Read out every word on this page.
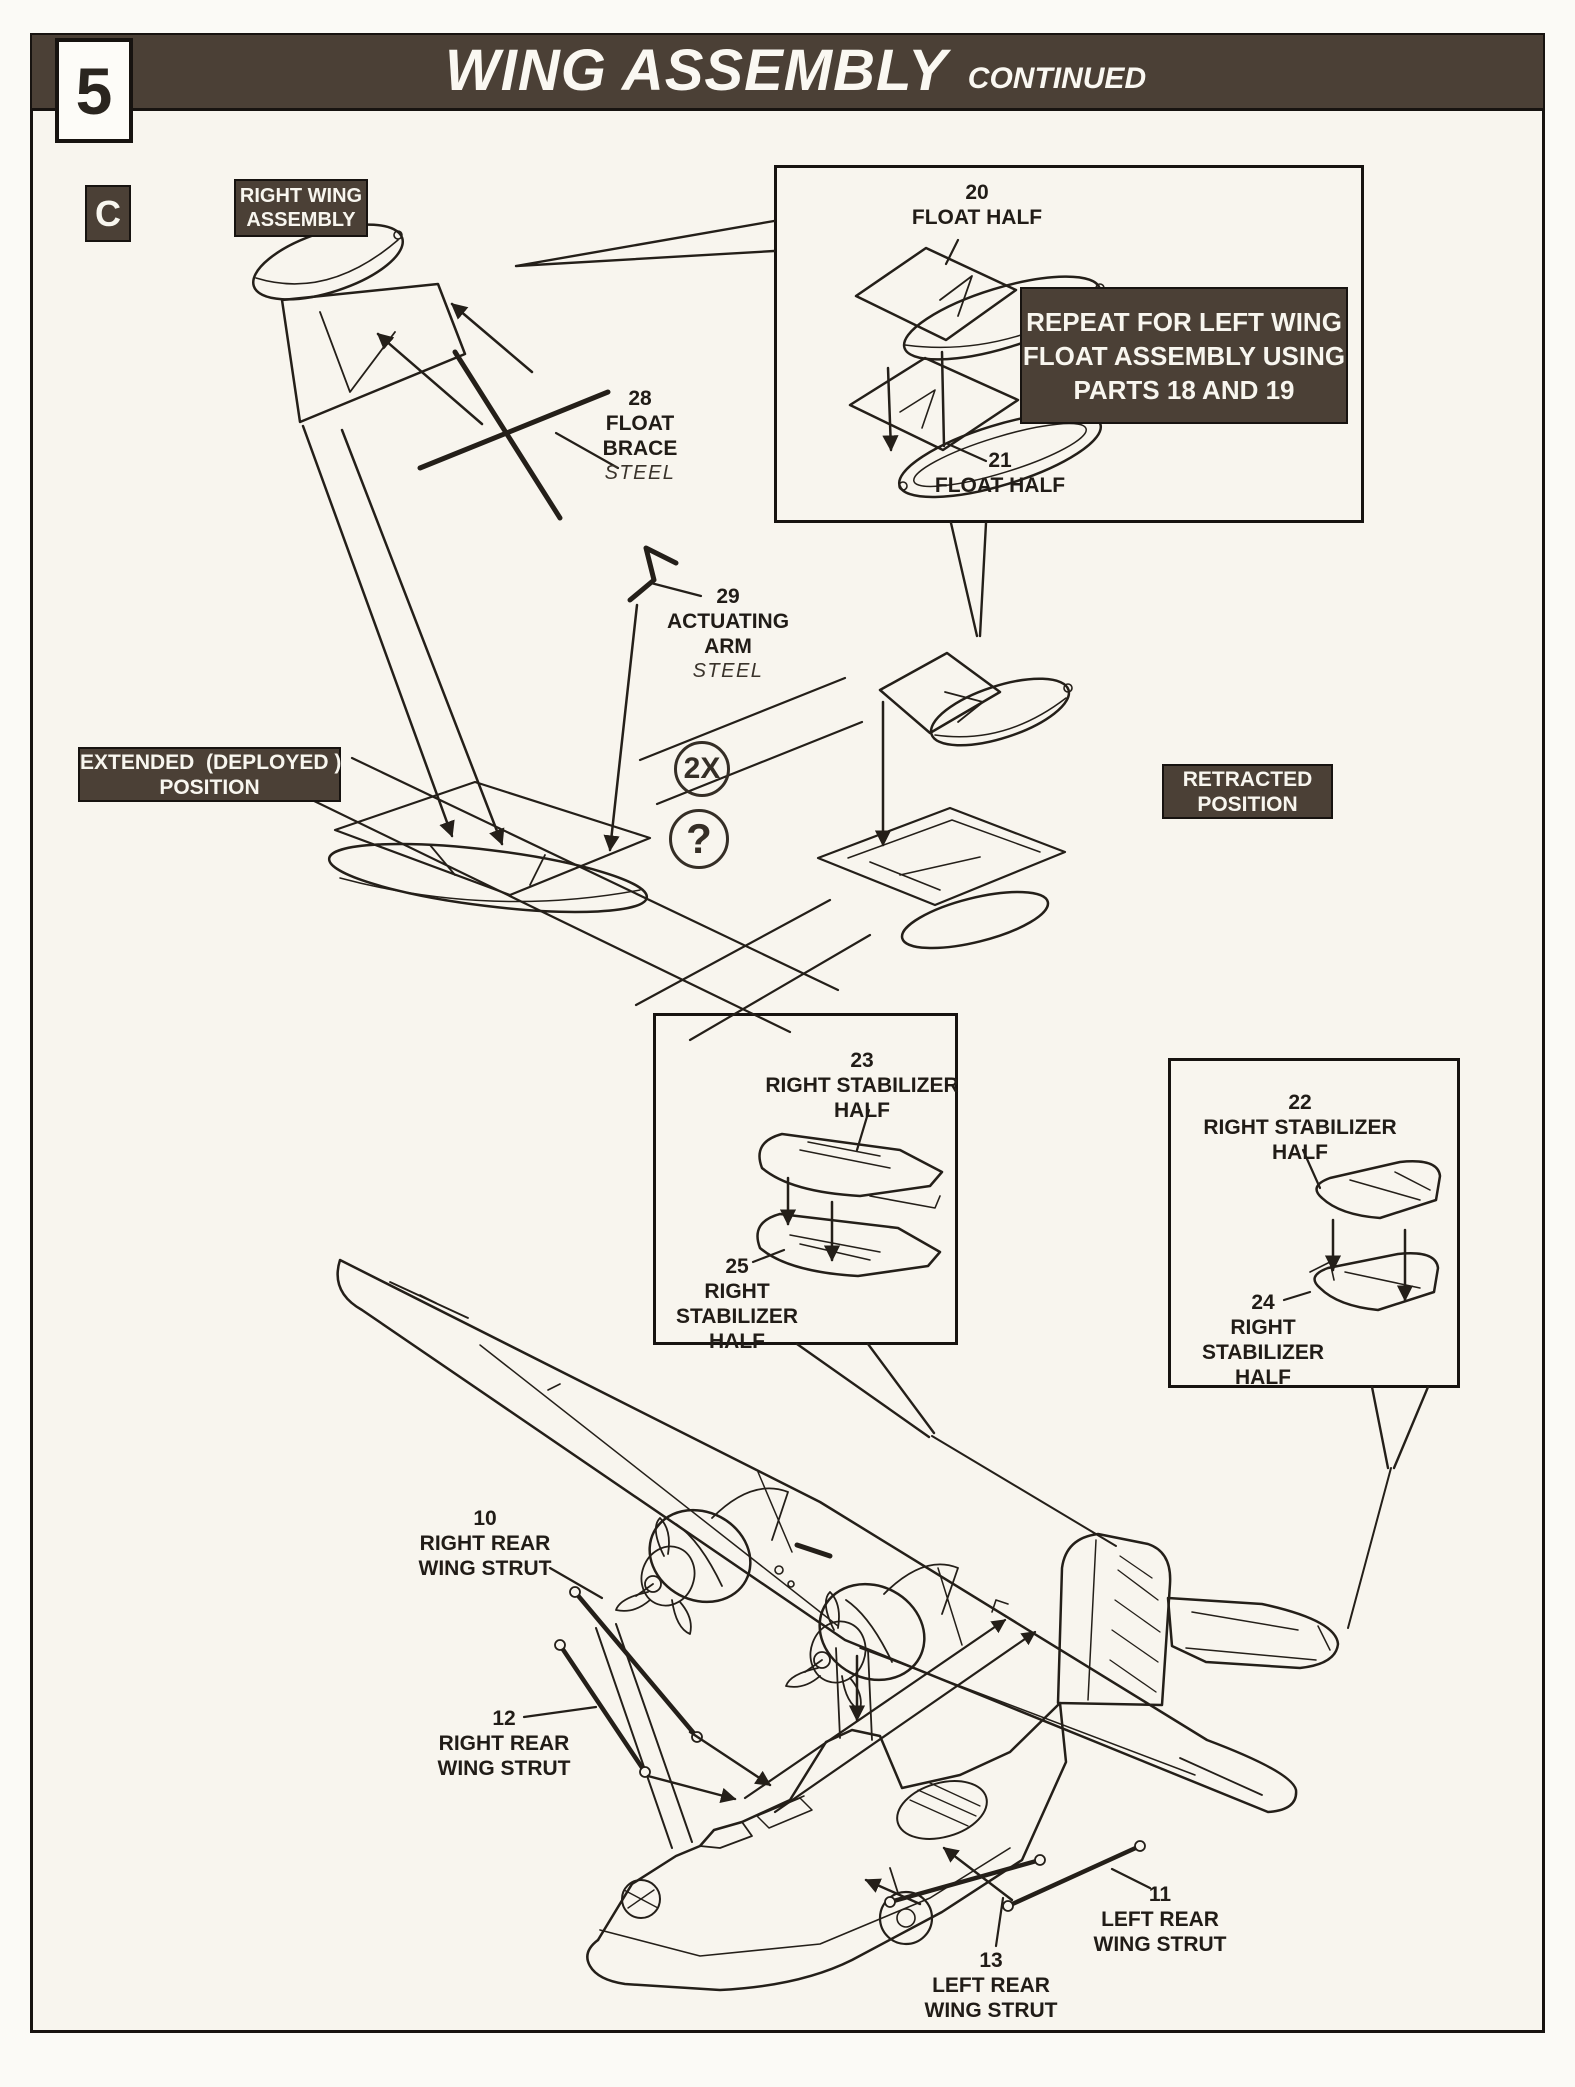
WING ASSEMBLY CONTINUED
5
C	RIGHT WING
ASSEMBLY
EXTENDED  (DEPLOYED )
POSITION	RETRACTED
POSITION
REPEAT FOR LEFT WING
FLOAT ASSEMBLY USING
PARTS 18 AND 19
2X
?
20
FLOAT HALF
21
FLOAT HALF
28
FLOAT
BRACE
STEEL
29
ACTUATING
ARM
STEEL
23
RIGHT STABILIZER
HALF
25
RIGHT
STABILIZER
HALF
22
RIGHT STABILIZER
HALF
24
RIGHT
STABILIZER
HALF
10
RIGHT REAR
WING STRUT
12
RIGHT REAR
WING STRUT
11
LEFT REAR
WING STRUT
13
LEFT REAR
WING STRUT
